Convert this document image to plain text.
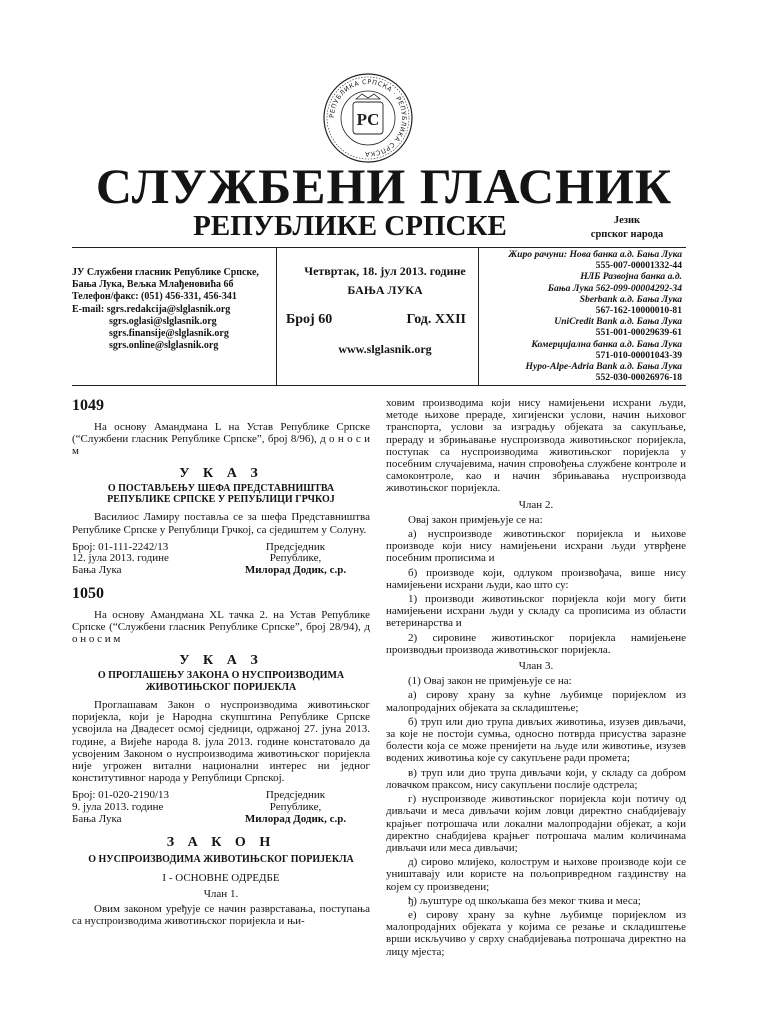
РЕПУБЛИКА СРПСКА · РЕПУБЛИКА СРПСКА
РС
СЛУЖБЕНИ ГЛАСНИК
РЕПУБЛИКЕ СРПСКЕ	Језик
српског народа
ЈУ Службени гласник Републике Српске,
Бања Лука, Вељка Млађеновића 6б
Телефон/факс: (051) 456-331, 456-341
E-mail: sgrs.redakcija@slglasnik.org
sgrs.oglasi@slglasnik.org
sgrs.finansije@slglasnik.org
sgrs.online@slglasnik.org
Четвртак, 18. јул 2013. године
БАЊА ЛУКА
Број 60	Год. XXII
www.slglasnik.org
Жиро рачуни: Нова банка а.д. Бања Лука
555-007-00001332-44
НЛБ Развојна банка а.д.
Бања Лука 562-099-00004292-34
Sberbank а.д. Бања Лука
567-162-10000010-81
UniCredit Bank а.д. Бања Лука
551-001-00029639-61
Комерцијална банка а.д. Бања Лука
571-010-00001043-39
Hypo-Alpe-Adria Bank а.д. Бања Лука
552-030-00026976-18
1049
На основу Амандмана L на Устав Републике Српске (“Службени гласник Републике Српске”, број 8/96), д о н о с и м
У К А З
О ПОСТАВЉЕЊУ ШЕФА ПРЕДСТАВНИШТВА РЕПУБЛИКЕ СРПСКЕ У РЕПУБЛИЦИ ГРЧКОЈ
Василиос Ламиру поставља се за шефа Представништва Републике Српске у Републици Грчкој, са сједиштем у Солуну.
Број: 01-111-2242/13	Предсједник
12. јула 2013. године	Републике,
Бања Лука	Милорад Додик, с.р.
1050
На основу Амандмана XL тачка 2. на Устав Републике Српске (“Службени гласник Републике Српске”, број 28/94), д о н о с и м
У К А З
О ПРОГЛАШЕЊУ ЗАКОНА О НУСПРОИЗВОДИМА ЖИВОТИЊСКОГ ПОРИЈЕКЛА
Проглашавам Закон о нуспроизводима животињског поријекла, који је Народна скупштина Републике Српске усвојила на Двадесет осмој сједници, одржаној 27. јуна 2013. године, а Вијеће народа 8. јула 2013. године констатовало да усвојеним Законом о нуспроизводима животињског поријекла није угрожен витални национални интерес ни једног конститутивног народа у Републици Српској.
Број: 01-020-2190/13	Предсједник
9. јула 2013. године	Републике,
Бања Лука	Милорад Додик, с.р.
З А К О Н
О НУСПРОИЗВОДИМА ЖИВОТИЊСКОГ ПОРИЈЕКЛА
I - ОСНОВНЕ ОДРЕДБЕ
Члан 1.
Овим законом уређује се начин разврставања, поступања са нуспроизводима животињског поријекла и њи-
ховим производима који нису намијењени исхрани људи, методе њихове прераде, хигијенски услови, начин њиховог транспорта, услови за изградњу објеката за сакупљање, прераду и збрињавање нуспроизвода животињског поријекла, поступак са нуспроизводима животињског поријекла у посебним случајевима, начин спровођења службене контроле и самоконтроле, као и начин збрињавања нуспроизвода животињског поријекла.
Члан 2.
Овај закон примјењује се на:
а) нуспроизводе животињског поријекла и њихове производе који нису намијењени исхрани људи утврђене посебним прописима и
б) производе који, одлуком произвођача, више нису намијењени исхрани људи, као што су:
1) производи животињског поријекла који могу бити намијењени исхрани људи у складу са прописима из области ветеринарства и
2) сировине животињског поријекла намијењене производњи производа животињског поријекла.
Члан 3.
(1) Овај закон не примјењује се на:
а) сирову храну за кућне љубимце поријеклом из малопродајних објеката за складиштење;
б) труп или дио трупа дивљих животиња, изузев дивљачи, за које не постоји сумња, односно потврда присуства заразне болести која се може пренијети на људе или животиње, изузев водених животиња које су сакупљене ради промета;
в) труп или дио трупа дивљачи који, у складу са добром ловачком праксом, нису сакупљени послије одстрела;
г) нуспроизводе животињског поријекла који потичу од дивљачи и меса дивљачи којим ловци директно снабдијевају крајњег потрошача или локални малопродајни објекат, а који директно снабдијева крајњег потрошача малим количинама дивљачи или меса дивљачи;
д) сирово млијеко, колострум и њихове производе који се уништавају или користе на пољопривредном газдинству на којем су произведени;
ђ) љуштуре од шкољкаша без меког ткива и меса;
е) сирову храну за кућне љубимце поријеклом из малопродајних објеката у којима се резање и складиштење врши искључиво у сврху снабдијевања потрошача директно на лицу мјеста;
